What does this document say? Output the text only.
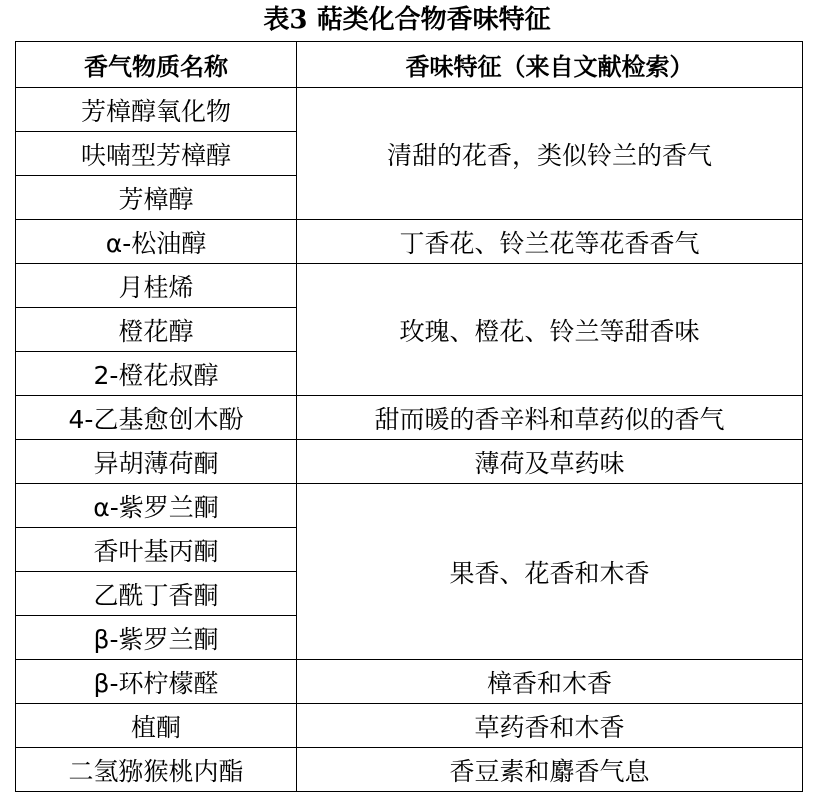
表3 萜类化合物香味特征
香气物质名称	香味特征（来自文献检索）
芳樟醇氧化物	清甜的花香，类似铃兰的香气
呋喃型芳樟醇	
芳樟醇	
α-松油醇	丁香花、铃兰花等花香香气
月桂烯	玫瑰、橙花、铃兰等甜香味
橙花醇	
2-橙花叔醇	
4-乙基愈创木酚	甜而暖的香辛料和草药似的香气
异胡薄荷酮	薄荷及草药味
α-紫罗兰酮	果香、花香和木香
香叶基丙酮	
乙酰丁香酮	
β-紫罗兰酮	
β-环柠檬醛	樟香和木香
植酮	草药香和木香
二氢猕猴桃内酯	香豆素和麝香气息
